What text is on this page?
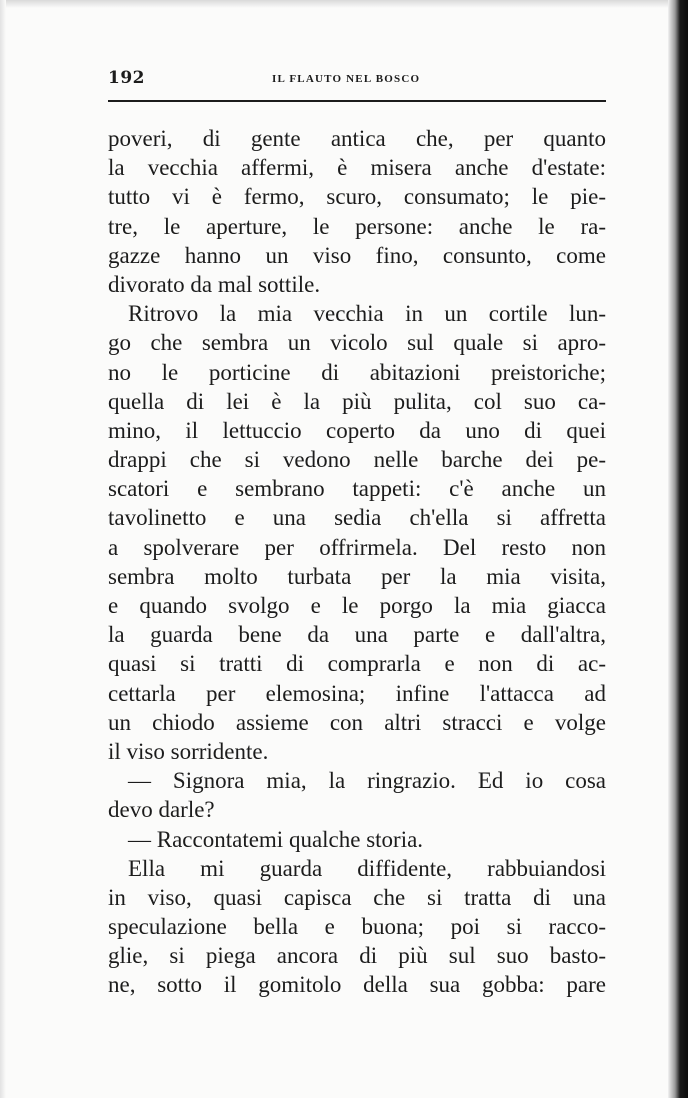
192	IL FLAUTO NEL BOSCO
poveri, di gente antica che, per quanto
la vecchia affermi, è misera anche d'estate:
tutto vi è fermo, scuro, consumato; le pie-
tre, le aperture, le persone: anche le ra-
gazze hanno un viso fino, consunto, come
divorato da mal sottile.
Ritrovo la mia vecchia in un cortile lun-
go che sembra un vicolo sul quale si apro-
no le porticine di abitazioni preistoriche;
quella di lei è la più pulita, col suo ca-
mino, il lettuccio coperto da uno di quei
drappi che si vedono nelle barche dei pe-
scatori e sembrano tappeti: c'è anche un
tavolinetto e una sedia ch'ella si affretta
a spolverare per offrirmela. Del resto non
sembra molto turbata per la mia visita,
e quando svolgo e le porgo la mia giacca
la guarda bene da una parte e dall'altra,
quasi si tratti di comprarla e non di ac-
cettarla per elemosina; infine l'attacca ad
un chiodo assieme con altri stracci e volge
il viso sorridente.
— Signora mia, la ringrazio. Ed io cosa
devo darle?
— Raccontatemi qualche storia.
Ella mi guarda diffidente, rabbuiandosi
in viso, quasi capisca che si tratta di una
speculazione bella e buona; poi si racco-
glie, si piega ancora di più sul suo basto-
ne, sotto il gomitolo della sua gobba: pare
